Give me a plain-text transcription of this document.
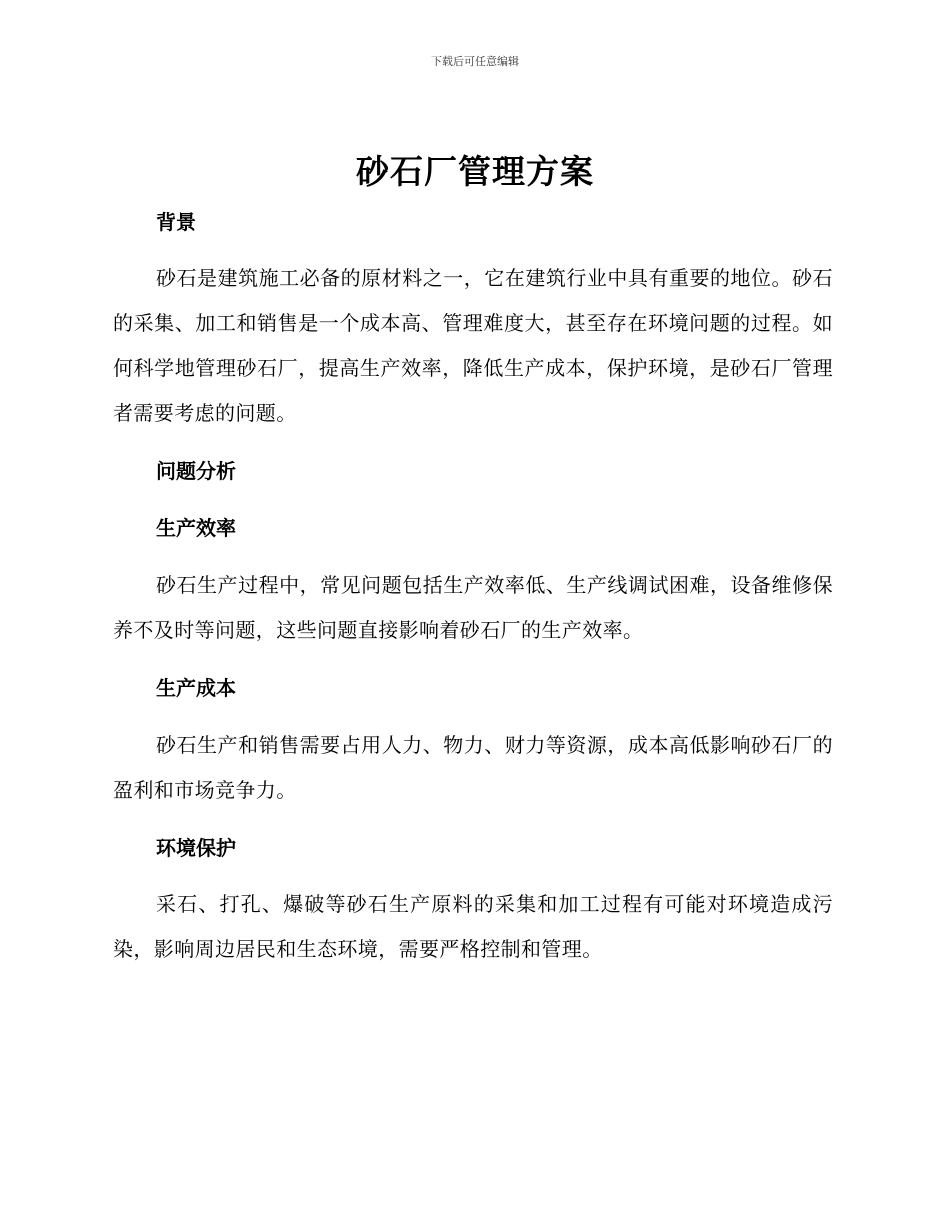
下载后可任意编辑
砂石厂管理方案
背景

砂石是建筑施工必备的原材料之一，它在建筑行业中具有重要的地位。砂石的采集、加工和销售是一个成本高、管理难度大，甚至存在环境问题的过程。如何科学地管理砂石厂，提高生产效率，降低生产成本，保护环境，是砂石厂管理者需要考虑的问题。

问题分析
生产效率

砂石生产过程中，常见问题包括生产效率低、生产线调试困难，设备维修保养不及时等问题，这些问题直接影响着砂石厂的生产效率。

生产成本

砂石生产和销售需要占用人力、物力、财力等资源，成本高低影响砂石厂的盈利和市场竞争力。

环境保护

采石、打孔、爆破等砂石生产原料的采集和加工过程有可能对环境造成污染，影响周边居民和生态环境，需要严格控制和管理。
